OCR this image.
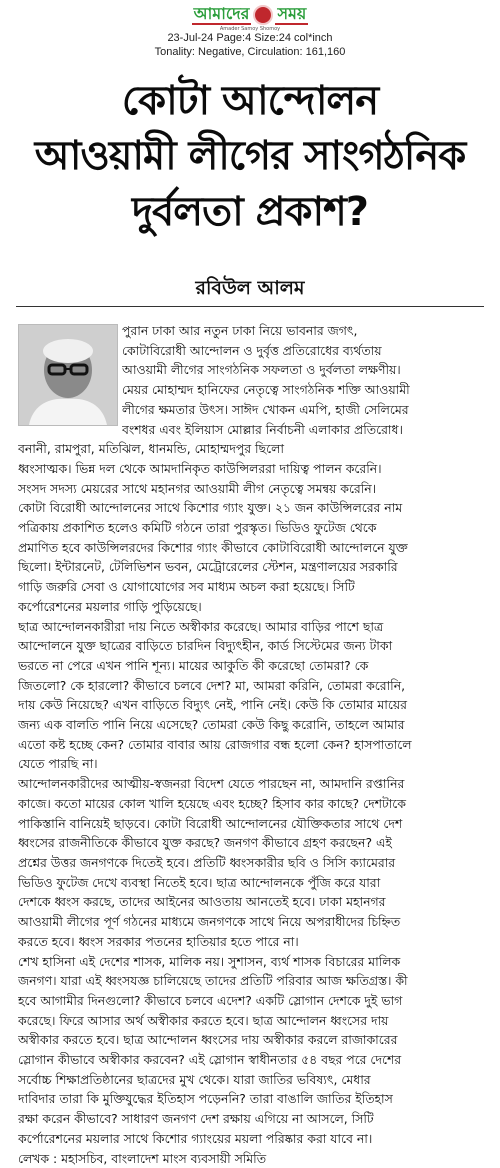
আমাদের সময়
Amader Samoy Shomoy
23-Jul-24 Page:4 Size:24 col*inch
Tonality: Negative, Circulation: 161,160
কোটা আন্দোলন
আওয়ামী লীগের সাংগঠনিক
দুর্বলতা প্রকাশ?
রবিউল আলম
পুরান ঢাকা আর নতুন ঢাকা নিয়ে ভাবনার জগৎ,
কোটাবিরোধী আন্দোলন ও দুর্বৃত্ত প্রতিরোধের ব্যর্থতায়
আওয়ামী লীগের সাংগঠনিক সফলতা ও দুর্বলতা লক্ষণীয়।
মেয়র মোহাম্মদ হানিফের নেতৃত্বে সাংগঠনিক শক্তি আওয়ামী
লীগের ক্ষমতার উৎস। সাঈদ খোকন এমপি, হাজী সেলিমের
বংশধর এবং ইলিয়াস মোল্লার নির্বাচনী এলাকার প্রতিরোধ।
বনানী, রামপুরা, মতিঝিল, ধানমন্ডি, মোহাম্মদপুর ছিলো
ধ্বংসাত্মক। ভিন্ন দল থেকে আমদানিকৃত কাউন্সিলররা দায়িত্ব পালন করেনি।
সংসদ সদস্য মেয়রের সাথে মহানগর আওয়ামী লীগ নেতৃত্বে সমন্বয় করেনি।
কোটা বিরোধী আন্দোলনের সাথে কিশোর গ্যাং যুক্ত। ২১ জন কাউন্সিলরের নাম
পত্রিকায় প্রকাশিত হলেও কমিটি গঠনে তারা পুরস্কৃত। ভিডিও ফুটেজ থেকে
প্রমাণিত হবে কাউন্সিলরদের কিশোর গ্যাং কীভাবে কোটাবিরোধী আন্দোলনে যুক্ত
ছিলো। ইন্টারনেট, টেলিভিশন ভবন, মেট্রোরেলের স্টেশন, মন্ত্রণালয়ের সরকারি
গাড়ি জরুরি সেবা ও যোগাযোগের সব মাধ্যম অচল করা হয়েছে। সিটি
কর্পোরেশনের ময়লার গাড়ি পুড়িয়েছে।
ছাত্র আন্দোলনকারীরা দায় নিতে অস্বীকার করেছে। আমার বাড়ির পাশে ছাত্র
আন্দোলনে যুক্ত ছাত্রের বাড়িতে চারদিন বিদ্যুৎহীন, কার্ড সিস্টেমের জন্য টাকা
ভরতে না পেরে এখন পানি শূন্য। মায়ের আকুতি কী করেছো তোমরা? কে
জিতলো? কে হারলো? কীভাবে চলবে দেশ? মা, আমরা করিনি, তোমরা করোনি,
দায় কেউ নিয়েছে? এখন বাড়িতে বিদ্যুৎ নেই, পানি নেই। কেউ কি তোমার মায়ের
জন্য এক বালতি পানি নিয়ে এসেছে? তোমরা কেউ কিছু করোনি, তাহলে আমার
এতো কষ্ট হচ্ছে কেন? তোমার বাবার আয় রোজগার বন্ধ হলো কেন? হাসপাতালে
যেতে পারছি না।
আন্দোলনকারীদের আত্মীয়-স্বজনরা বিদেশ যেতে পারছেন না, আমদানি রপ্তানির
কাজে। কতো মায়ের কোল খালি হয়েছে এবং হচ্ছে? হিসাব কার কাছে? দেশটাকে
পাকিস্তানি বানিয়েই ছাড়বে। কোটা বিরোধী আন্দোলনের যৌক্তিকতার সাথে দেশ
ধ্বংসের রাজনীতিকে কীভাবে যুক্ত করছে? জনগণ কীভাবে গ্রহণ করছেন? এই
প্রশ্নের উত্তর জনগণকে দিতেই হবে। প্রতিটি ধ্বংসকারীর ছবি ও সিসি ক্যামেরার
ভিডিও ফুটেজ দেখে ব্যবস্থা নিতেই হবে। ছাত্র আন্দোলনকে পুঁজি করে যারা
দেশকে ধ্বংস করছে, তাদের আইনের আওতায় আনতেই হবে। ঢাকা মহানগর
আওয়ামী লীগের পূর্ণ গঠনের মাধ্যমে জনগণকে সাথে নিয়ে অপরাধীদের চিহ্নিত
করতে হবে। ধ্বংস সরকার পতনের হাতিয়ার হতে পারে না।
শেখ হাসিনা এই দেশের শাসক, মালিক নয়। সুশাসন, ব্যর্থ শাসক বিচারের মালিক
জনগণ। যারা এই ধ্বংসযজ্ঞ চালিয়েছে তাদের প্রতিটি পরিবার আজ ক্ষতিগ্রস্ত। কী
হবে আগামীর দিনগুলো? কীভাবে চলবে এদেশ? একটি স্লোগান দেশকে দুই ভাগ
করেছে। ফিরে আসার অর্থ অস্বীকার করতে হবে। ছাত্র আন্দোলন ধ্বংসের দায়
অস্বীকার করতে হবে। ছাত্র আন্দোলন ধ্বংসের দায় অস্বীকার করলে রাজাকারের
স্লোগান কীভাবে অস্বীকার করবেন? এই স্লোগান স্বাধীনতার ৫৪ বছর পরে দেশের
সর্বোচ্চ শিক্ষাপ্রতিষ্ঠানের ছাত্রদের মুখ থেকে। যারা জাতির ভবিষ্যৎ, মেধার
দাবিদার তারা কি মুক্তিযুদ্ধের ইতিহাস পড়েননি? তারা বাঙালি জাতির ইতিহাস
রক্ষা করেন কীভাবে? সাধারণ জনগণ দেশ রক্ষায় এগিয়ে না আসলে, সিটি
কর্পোরেশনের ময়লার সাথে কিশোর গ্যাংয়ের ময়লা পরিষ্কার করা যাবে না।
লেখক : মহাসচিব, বাংলাদেশ মাংস ব্যবসায়ী সমিতি
